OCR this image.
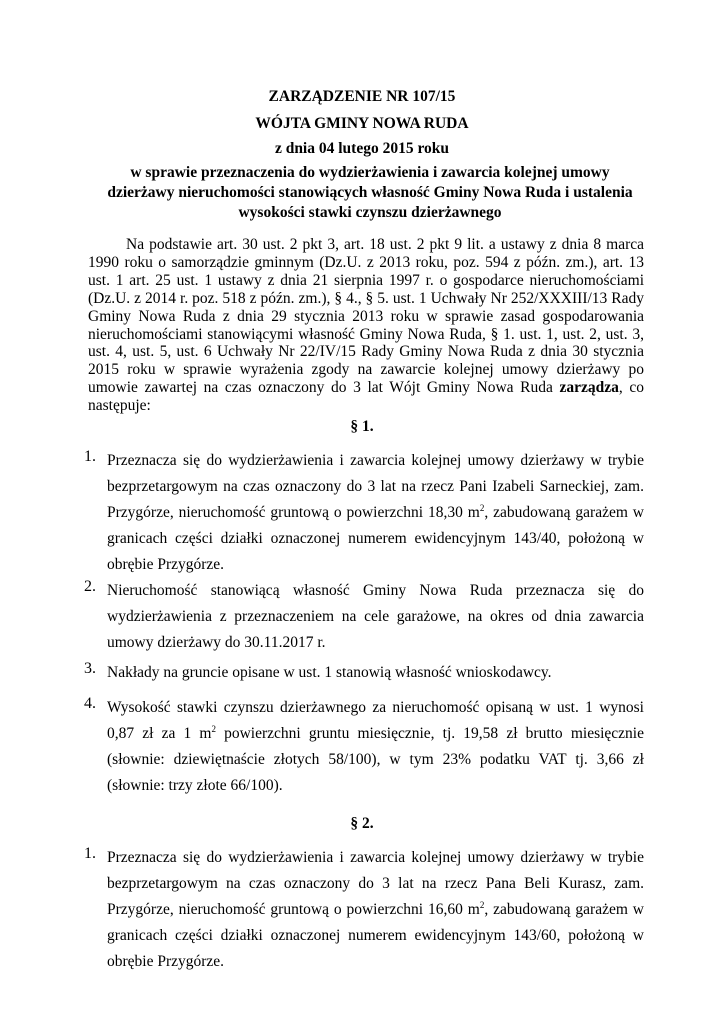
ZARZĄDZENIE NR 107/15
WÓJTA GMINY NOWA RUDA
z dnia 04 lutego 2015 roku
w sprawie przeznaczenia do wydzierżawienia i zawarcia kolejnej umowy dzierżawy nieruchomości stanowiących własność Gminy Nowa Ruda i ustalenia wysokości stawki czynszu dzierżawnego
Na podstawie art. 30 ust. 2 pkt 3, art. 18 ust. 2 pkt 9 lit. a ustawy z dnia 8 marca 1990 roku o samorządzie gminnym (Dz.U. z 2013 roku, poz. 594 z późn. zm.), art. 13 ust. 1 art. 25 ust. 1 ustawy z dnia 21 sierpnia 1997 r. o gospodarce nieruchomościami (Dz.U. z 2014 r. poz. 518 z późn. zm.), § 4., § 5. ust. 1 Uchwały Nr 252/XXXIII/13 Rady Gminy Nowa Ruda z dnia 29 stycznia 2013 roku w sprawie zasad gospodarowania nieruchomościami stanowiącymi własność Gminy Nowa Ruda, § 1. ust. 1, ust. 2, ust. 3, ust. 4, ust. 5, ust. 6 Uchwały Nr 22/IV/15 Rady Gminy Nowa Ruda z dnia 30 stycznia 2015 roku w sprawie wyrażenia zgody na zawarcie kolejnej umowy dzierżawy po umowie zawartej na czas oznaczony do 3 lat Wójt Gminy Nowa Ruda zarządza, co następuje:
§ 1.
1. Przeznacza się do wydzierżawienia i zawarcia kolejnej umowy dzierżawy w trybie bezprzetargowym na czas oznaczony do 3 lat na rzecz Pani Izabeli Sarneckiej, zam. Przygórze, nieruchomość gruntową o powierzchni 18,30 $m^2$, zabudowaną garażem w granicach części działki oznaczonej numerem ewidencyjnym 143/40, położoną w obrębie Przygórze.
2. Nieruchomość stanowiącą własność Gminy Nowa Ruda przeznacza się do wydzierżawienia z przeznaczeniem na cele garażowe, na okres od dnia zawarcia umowy dzierżawy do 30.11.2017 r.
3. Nakłady na gruncie opisane w ust. 1 stanowią własność wnioskodawcy.
4. Wysokość stawki czynszu dzierżawnego za nieruchomość opisaną w ust. 1 wynosi 0,87 zł za 1 $m^2$ powierzchni gruntu miesięcznie, tj. 19,58 zł brutto miesięcznie (słownie: dziewiętnaście złotych 58/100), w tym 23% podatku VAT tj. 3,66 zł (słownie: trzy złote 66/100).
§ 2.
1. Przeznacza się do wydzierżawienia i zawarcia kolejnej umowy dzierżawy w trybie bezprzetargowym na czas oznaczony do 3 lat na rzecz Pana Beli Kurasz, zam. Przygórze, nieruchomość gruntową o powierzchni 16,60 $m^2$, zabudowaną garażem w granicach części działki oznaczonej numerem ewidencyjnym 143/60, położoną w obrębie Przygórze.
